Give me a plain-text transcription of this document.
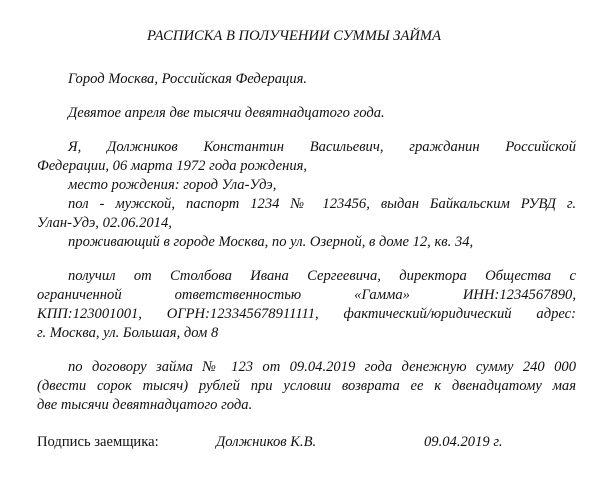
РАСПИСКА В ПОЛУЧЕНИИ СУММЫ ЗАЙМА
Город Москва, Российская Федерация.
Девятое апреля две тысячи девятнадцатого года.
Я, Должников Константин Васильевич, гражданин Российской
Федерации, 06 марта 1972 года рождения,
место рождения: город Ула-Удэ,
пол - мужской, паспорт 1234 № 123456, выдан Байкальским РУВД г.
Улан-Удэ, 02.06.2014,
проживающий в городе Москва, по ул. Озерной, в доме 12, кв. 34,
получил от Столбова Ивана Сергеевича, директора Общества с
ограниченной ответственностью «Гамма» ИНН:1234567890,
КПП:123001001, ОГРН:123345678911111, фактический/юридический адрес:
г. Москва, ул. Большая, дом 8
по договору займа № 123 от 09.04.2019 года денежную сумму 240 000
(двести сорок тысяч) рублей при условии возврата ее к двенадцатому мая
две тысячи девятнадцатого года.
Подпись заемщика:	Должников К.В.	09.04.2019 г.
